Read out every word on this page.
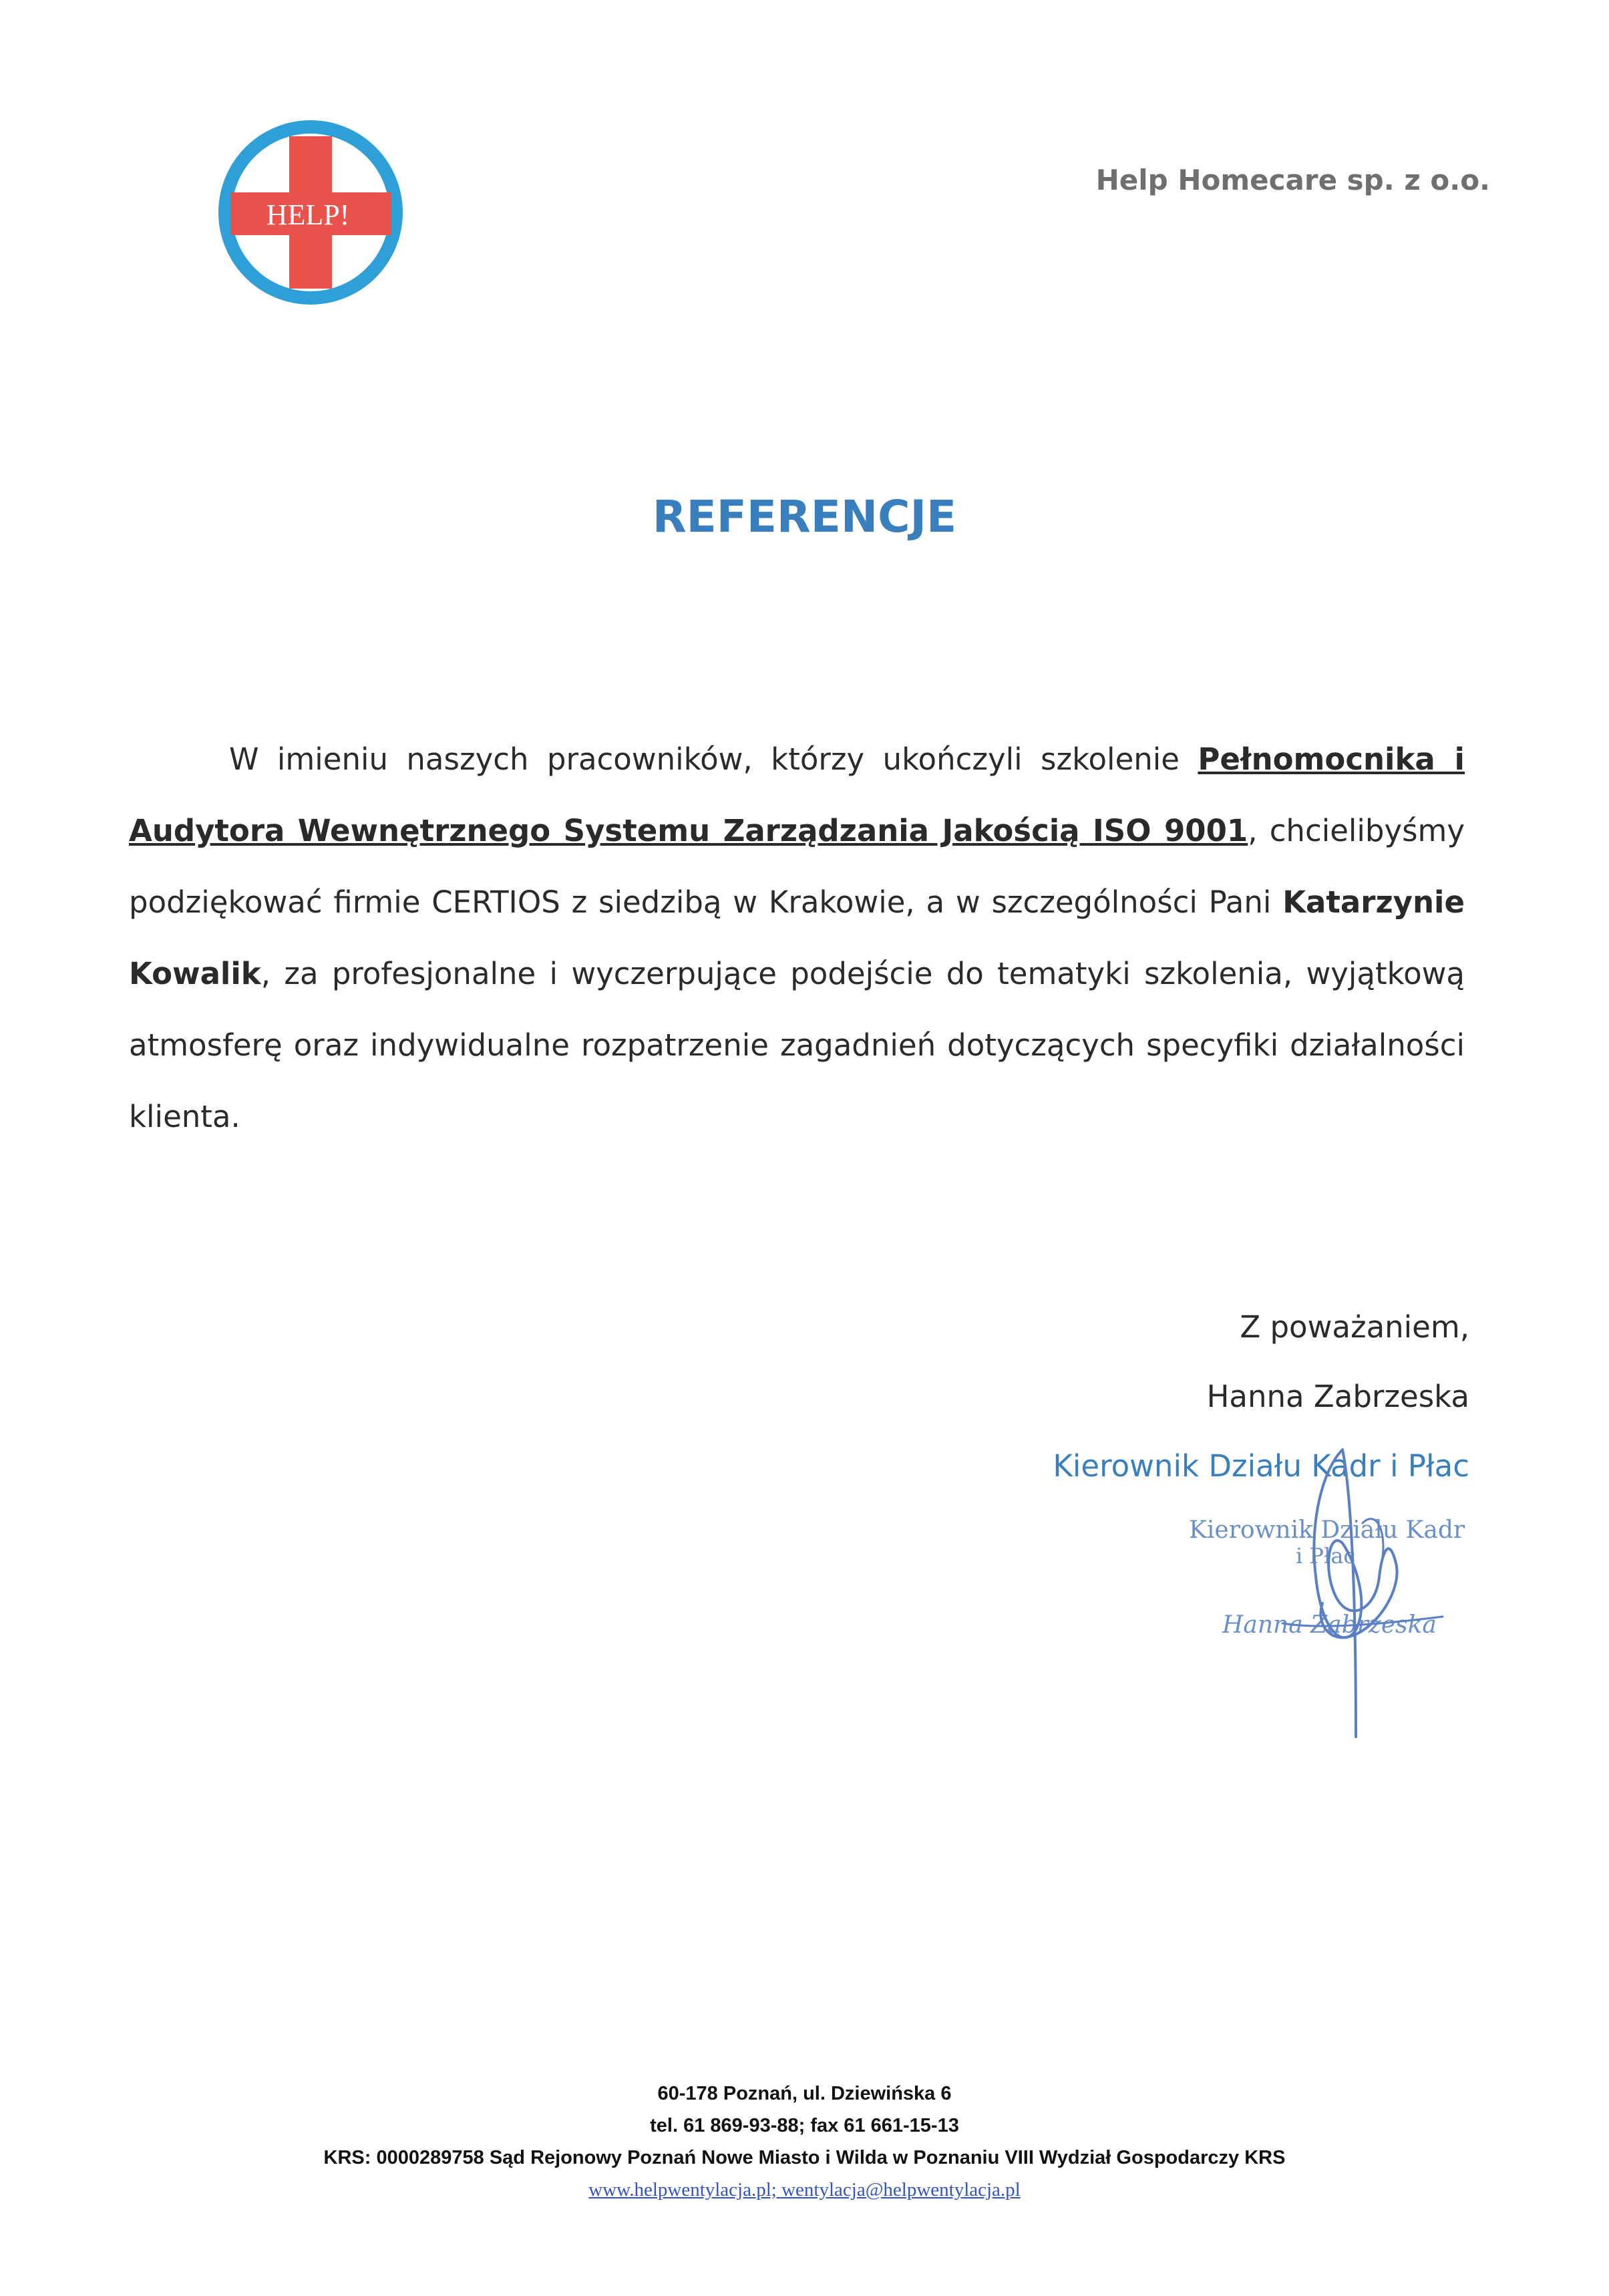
HELP!
Help Homecare sp. z o.o.
REFERENCJE

W imieniu naszych pracowników, którzy ukończyli szkolenie Pełnomocnika i Audytora Wewnętrznego Systemu Zarządzania Jakością ISO 9001, chcielibyśmy podziękować firmie CERTIOS z siedzibą w Krakowie, a w szczególności Pani Katarzynie Kowalik, za profesjonalne i wyczerpujące podejście do tematyki szkolenia, wyjątkową atmosferę oraz indywidualne rozpatrzenie zagadnień dotyczących specyfiki działalności klienta.

Z poważaniem,
Hanna Zabrzeska
Kierownik Działu Kadr i Płac
Kierownik Działu Kadr
i Płac
Hanna Zabrzeska
60-178 Poznań, ul. Dziewińska 6
tel. 61 869-93-88; fax 61 661-15-13
KRS: 0000289758 Sąd Rejonowy Poznań Nowe Miasto i Wilda w Poznaniu VIII Wydział Gospodarczy KRS
www.helpwentylacja.pl; wentylacja@helpwentylacja.pl
